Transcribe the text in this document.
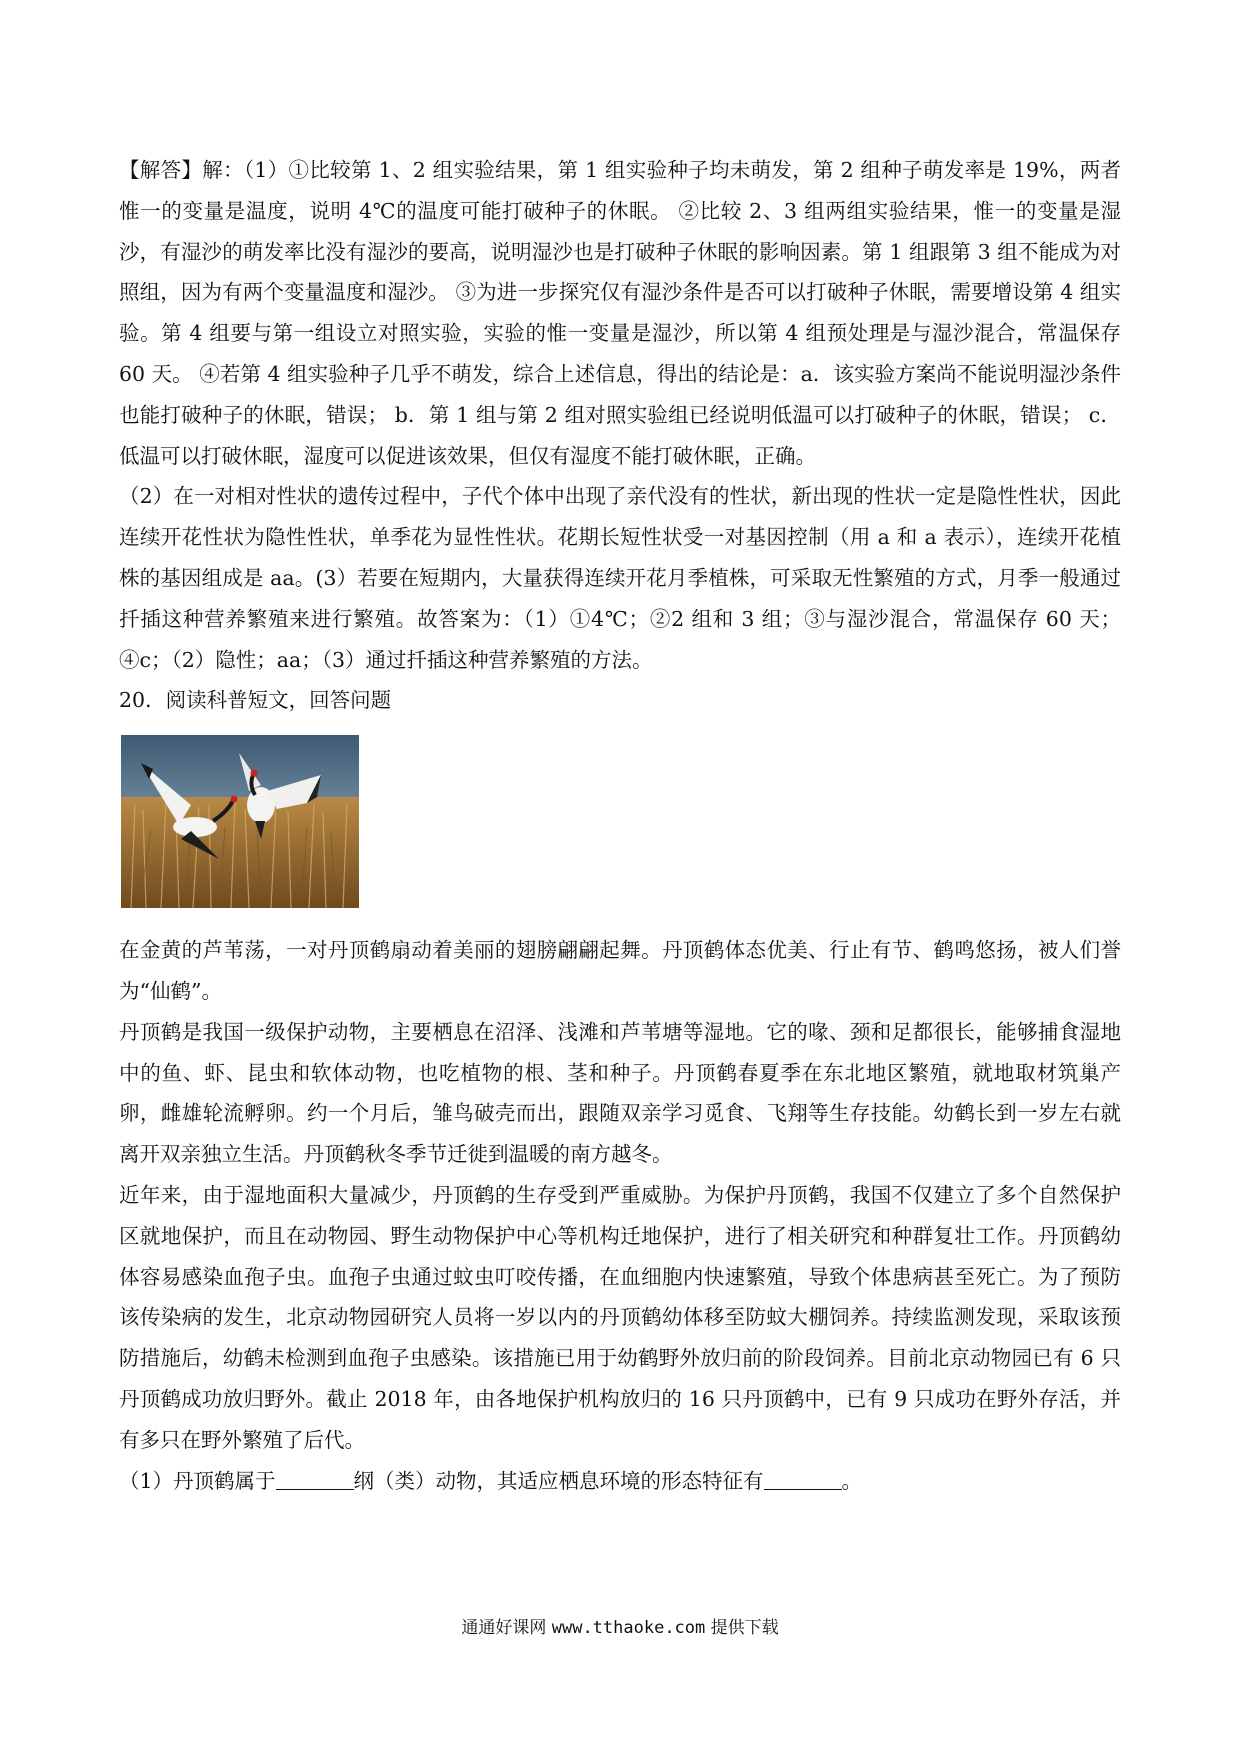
【解答】解：（1）①比较第 1、2 组实验结果，第 1 组实验种子均未萌发，第 2 组种子萌发率是 19%，两者惟一的变量是温度，说明 4℃的温度可能打破种子的休眠。 ②比较 2、3 组两组实验结果，惟一的变量是湿沙，有湿沙的萌发率比没有湿沙的要高，说明湿沙也是打破种子休眠的影响因素。第 1 组跟第 3 组不能成为对照组，因为有两个变量温度和湿沙。 ③为进一步探究仅有湿沙条件是否可以打破种子休眠，需要增设第 4 组实验。第 4 组要与第一组设立对照实验，实验的惟一变量是湿沙，所以第 4 组预处理是与湿沙混合，常温保存 60 天。 ④若第 4 组实验种子几乎不萌发，综合上述信息，得出的结论是：a．该实验方案尚不能说明湿沙条件也能打破种子的休眠，错误； b．第 1 组与第 2 组对照实验组已经说明低温可以打破种子的休眠，错误； c．低温可以打破休眠，湿度可以促进该效果，但仅有湿度不能打破休眠，正确。

（2）在一对相对性状的遗传过程中，子代个体中出现了亲代没有的性状，新出现的性状一定是隐性性状，因此连续开花性状为隐性性状，单季花为显性性状。花期长短性状受一对基因控制（用 a 和 a 表示），连续开花植株的基因组成是 aa。(3）若要在短期内，大量获得连续开花月季植株，可采取无性繁殖的方式，月季一般通过扦插这种营养繁殖来进行繁殖。故答案为：（1）①4℃；②2 组和 3 组；③与湿沙混合，常温保存 60 天；④c；（2）隐性；aa；（3）通过扦插这种营养繁殖的方法。

20．阅读科普短文，回答问题

在金黄的芦苇荡，一对丹顶鹤扇动着美丽的翅膀翩翩起舞。丹顶鹤体态优美、行止有节、鹤鸣悠扬，被人们誉为“仙鹤”。

丹顶鹤是我国一级保护动物，主要栖息在沼泽、浅滩和芦苇塘等湿地。它的喙、颈和足都很长，能够捕食湿地中的鱼、虾、昆虫和软体动物，也吃植物的根、茎和种子。丹顶鹤春夏季在东北地区繁殖，就地取材筑巢产卵，雌雄轮流孵卵。约一个月后，雏鸟破壳而出，跟随双亲学习觅食、飞翔等生存技能。幼鹤长到一岁左右就离开双亲独立生活。丹顶鹤秋冬季节迁徙到温暖的南方越冬。

近年来，由于湿地面积大量减少，丹顶鹤的生存受到严重威胁。为保护丹顶鹤，我国不仅建立了多个自然保护区就地保护，而且在动物园、野生动物保护中心等机构迁地保护，进行了相关研究和种群复壮工作。丹顶鹤幼体容易感染血孢子虫。血孢子虫通过蚊虫叮咬传播，在血细胞内快速繁殖，导致个体患病甚至死亡。为了预防该传染病的发生，北京动物园研究人员将一岁以内的丹顶鹤幼体移至防蚊大棚饲养。持续监测发现，采取该预防措施后，幼鹤未检测到血孢子虫感染。该措施已用于幼鹤野外放归前的阶段饲养。目前北京动物园已有 6 只丹顶鹤成功放归野外。截止 2018 年，由各地保护机构放归的 16 只丹顶鹤中，已有 9 只成功在野外存活，并有多只在野外繁殖了后代。

（1）丹顶鹤属于	纲（类）动物，其适应栖息环境的形态特征有	。

通通好课网 www.tthaoke.com 提供下载
